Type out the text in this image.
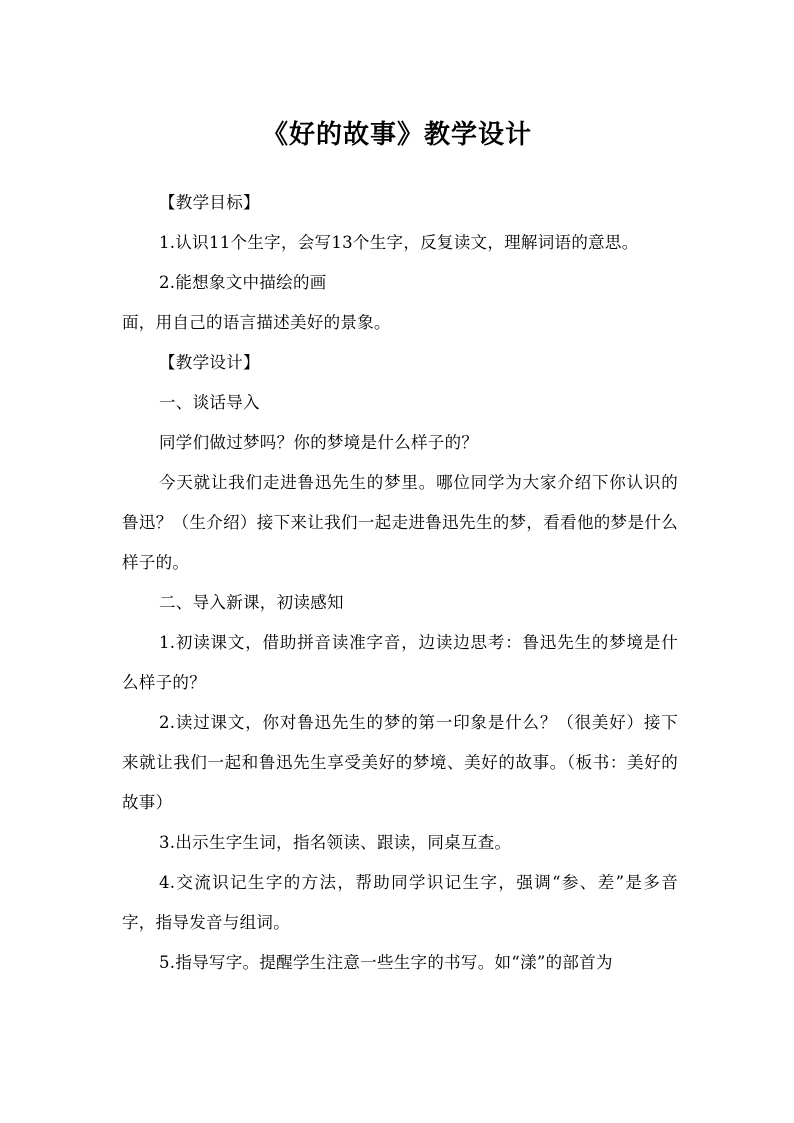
《好的故事》教学设计

【教学目标】

1.认识11个生字，会写13个生字，反复读文，理解词语的意思。

2.能想象文中描绘的画

面，用自己的语言描述美好的景象。

【教学设计】

一、谈话导入

同学们做过梦吗？你的梦境是什么样子的？

今天就让我们走进鲁迅先生的梦里。哪位同学为大家介绍下你认识的鲁迅？（生介绍）接下来让我们一起走进鲁迅先生的梦，看看他的梦是什么样子的。

二、导入新课，初读感知

1.初读课文，借助拼音读准字音，边读边思考：鲁迅先生的梦境是什么样子的？

2.读过课文，你对鲁迅先生的梦的第一印象是什么？（很美好）接下来就让我们一起和鲁迅先生享受美好的梦境、美好的故事。（板书：美好的故事）

3.出示生字生词，指名领读、跟读，同桌互查。

4.交流识记生字的方法，帮助同学识记生字，强调“参、差”是多音字，指导发音与组词。

5.指导写字。提醒学生注意一些生字的书写。如“漾”的部首为
